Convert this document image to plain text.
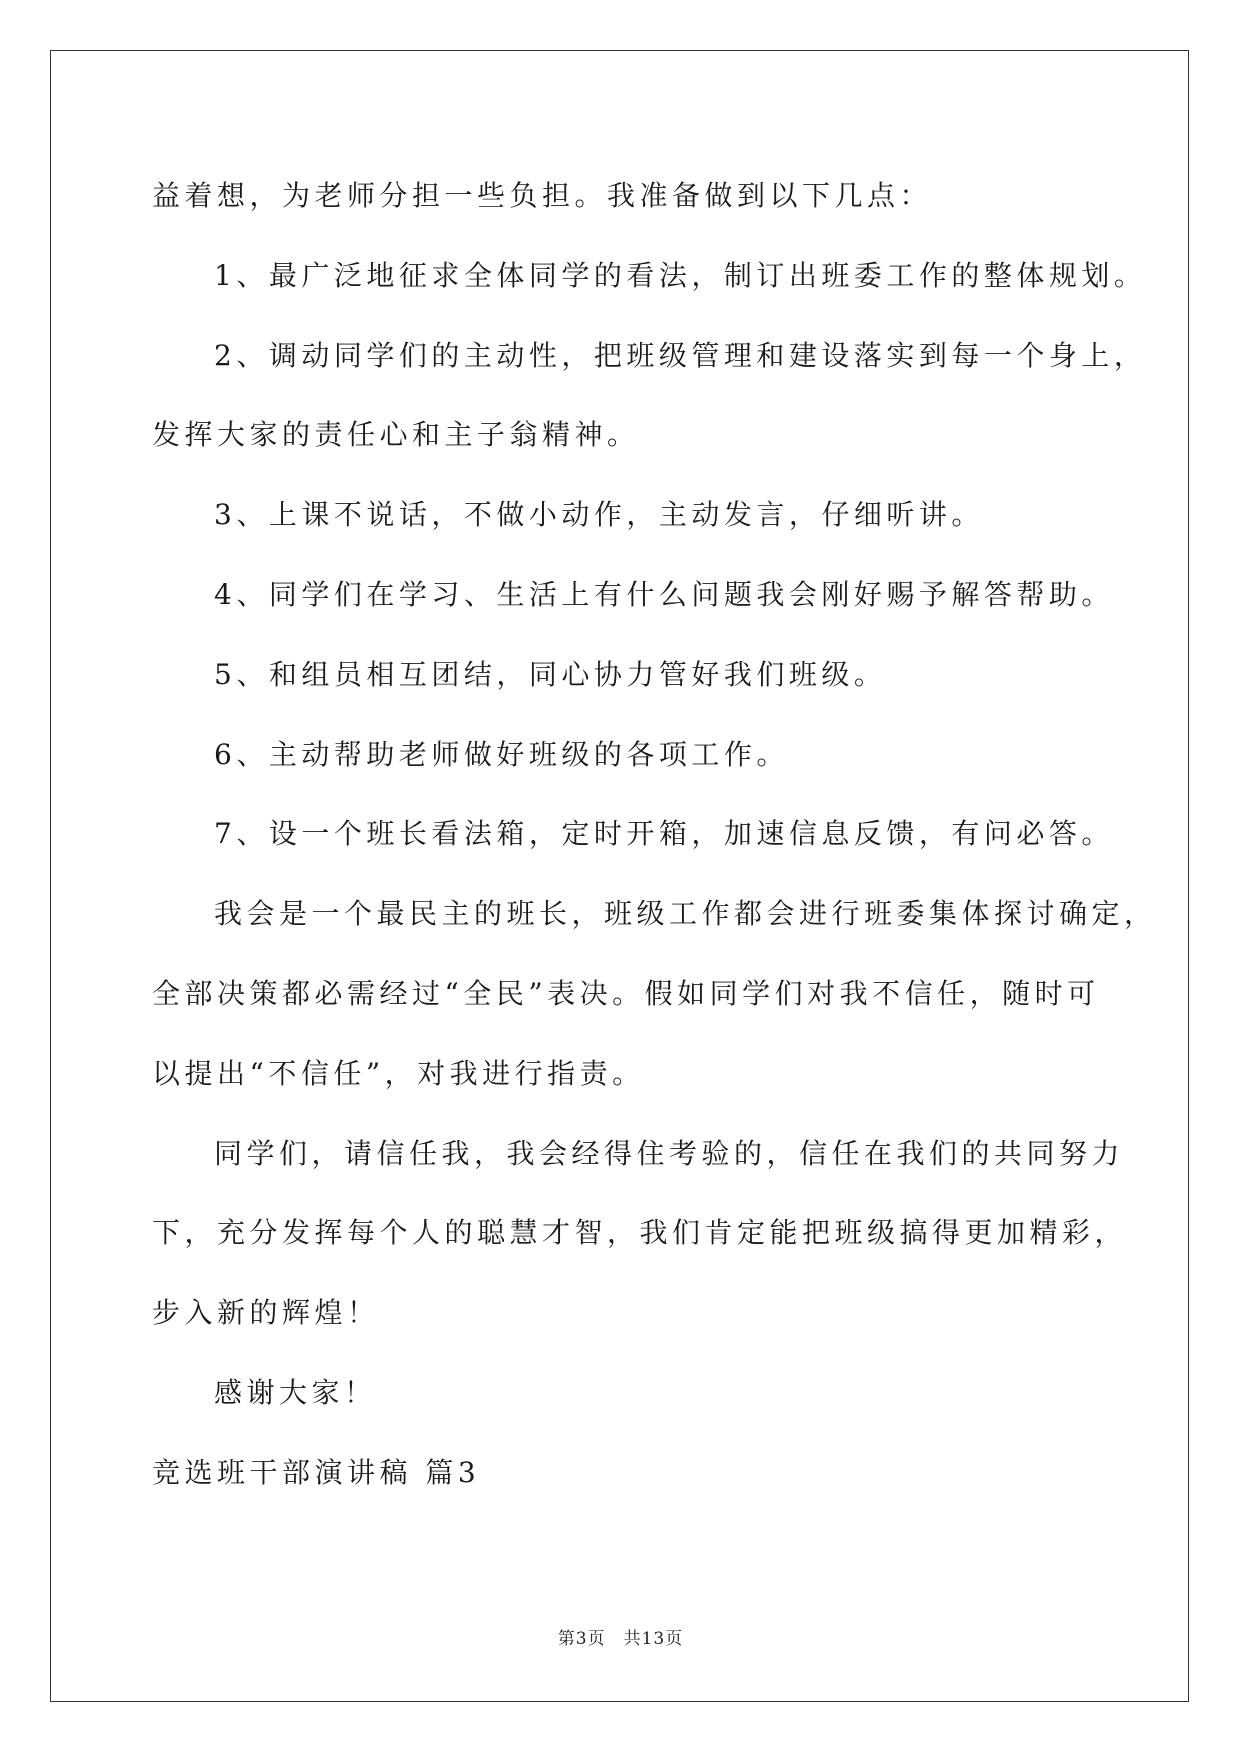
益着想，为老师分担一些负担。我准备做到以下几点：
1、最广泛地征求全体同学的看法，制订出班委工作的整体规划。
2、调动同学们的主动性，把班级管理和建设落实到每一个身上，
发挥大家的责任心和主子翁精神。
3、上课不说话，不做小动作，主动发言，仔细听讲。
4、同学们在学习、生活上有什么问题我会刚好赐予解答帮助。
5、和组员相互团结，同心协力管好我们班级。
6、主动帮助老师做好班级的各项工作。
7、设一个班长看法箱，定时开箱，加速信息反馈，有问必答。
我会是一个最民主的班长，班级工作都会进行班委集体探讨确定，
全部决策都必需经过“全民”表决。假如同学们对我不信任，随时可
以提出“不信任”，对我进行指责。
同学们，请信任我，我会经得住考验的，信任在我们的共同努力
下，充分发挥每个人的聪慧才智，我们肯定能把班级搞得更加精彩，
步入新的辉煌！
感谢大家！
竞选班干部演讲稿 篇3
第3页　共13页
